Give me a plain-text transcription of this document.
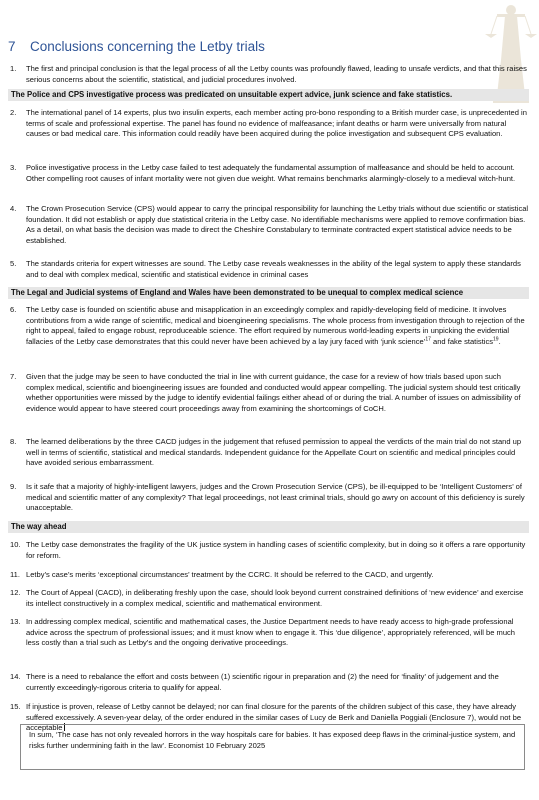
7 Conclusions concerning the Letby trials
1. The first and principal conclusion is that the legal process of all the Letby counts was profoundly flawed, leading to unsafe verdicts, and that this raises serious concerns about the scientific, statistical, and judicial procedures involved.
The Police and CPS investigative process was predicated on unsuitable expert advice, junk science and fake statistics.
2. The international panel of 14 experts, plus two insulin experts, each member acting pro-bono responding to a British murder case, is unprecedented in terms of scale and professional expertise. The panel has found no evidence of malfeasance; infant deaths or harm were universally from natural causes or bad medical care. This information could readily have been acquired during the police investigation and subsequent CPS evaluation.
3. Police investigative process in the Letby case failed to test adequately the fundamental assumption of malfeasance and should be held to account. Other compelling root causes of infant mortality were not given due weight. What remains benchmarks alarmingly-closely to a medieval witch-hunt.
4. The Crown Prosecution Service (CPS) would appear to carry the principal responsibility for launching the Letby trials without due scientific or statistical foundation. It did not establish or apply due statistical criteria in the Letby case. No identifiable mechanisms were applied to remove confirmation bias. As a detail, on what basis the decision was made to direct the Cheshire Constabulary to terminate contracted expert statistical advice needs to be established.
5. The standards criteria for expert witnesses are sound. The Letby case reveals weaknesses in the ability of the legal system to apply these standards and to deal with complex medical, scientific and statistical evidence in criminal cases
The Legal and Judicial systems of England and Wales have been demonstrated to be unequal to complex medical science
6. The Letby case is founded on scientific abuse and misapplication in an exceedingly complex and rapidly-developing field of medicine. It involves contributions from a wide range of scientific, medical and bioengineering specialisms. The whole process from investigation through to rejection of the right to appeal, failed to engage robust, reproduceable science. The effort required by numerous world-leading experts in unpicking the evidential fallacies of the Letby case demonstrates that this could never have been achieved by a lay jury faced with ‘junk science’$^{17}$ and fake statistics$^{19}$.
7. Given that the judge may be seen to have conducted the trial in line with current guidance, the case for a review of how trials based upon such complex medical, scientific and bioengineering issues are founded and conducted would appear compelling. The judicial system should test critically whether opportunities were missed by the judge to identify evidential failings either ahead of or during the trial. A number of issues on admissibility of evidence would appear to have steered court proceedings away from examining the shortcomings of CoCH.
8. The learned deliberations by the three CACD judges in the judgement that refused permission to appeal the verdicts of the main trial do not stand up well in terms of scientific, statistical and medical standards. Independent guidance for the Appellate Court on scientific and medical principles could have avoided serious embarrassment.
9. Is it safe that a majority of highly-intelligent lawyers, judges and the Crown Prosecution Service (CPS), be ill-equipped to be ‘Intelligent Customers’ of medical and scientific matter of any complexity? That legal proceedings, not least criminal trials, should go awry on account of this deficiency is surely unacceptable.
The way ahead
10. The Letby case demonstrates the fragility of the UK justice system in handling cases of scientific complexity, but in doing so it offers a rare opportunity for reform.
11. Letby’s case’s merits ‘exceptional circumstances’ treatment by the CCRC. It should be referred to the CACD, and urgently.
12. The Court of Appeal (CACD), in deliberating freshly upon the case, should look beyond current constrained definitions of ‘new evidence’ and exercise its intellect constructively in a complex medical, scientific and mathematical environment.
13. In addressing complex medical, scientific and mathematical cases, the Justice Department needs to have ready access to high-grade professional advice across the spectrum of professional issues; and it must know when to engage it. This ‘due diligence’, appropriately referenced, will be much less costly than a trial such as Letby’s and the ongoing derivative proceedings.
14. There is a need to rebalance the effort and costs between (1) scientific rigour in preparation and (2) the need for ‘finality’ of judgement and the currently exceedingly-rigorous criteria to qualify for appeal.
15. If injustice is proven, release of Letby cannot be delayed; nor can final closure for the parents of the children subject of this case, they have already suffered excessively. A seven-year delay, of the order endured in the similar cases of Lucy de Berk and Daniella Poggiali (Enclosure 7), would not be acceptable
In sum, ‘The case has not only revealed horrors in the way hospitals care for babies. It has exposed deep flaws in the criminal-justice system, and risks further undermining faith in the law’. Economist 10 February 2025
